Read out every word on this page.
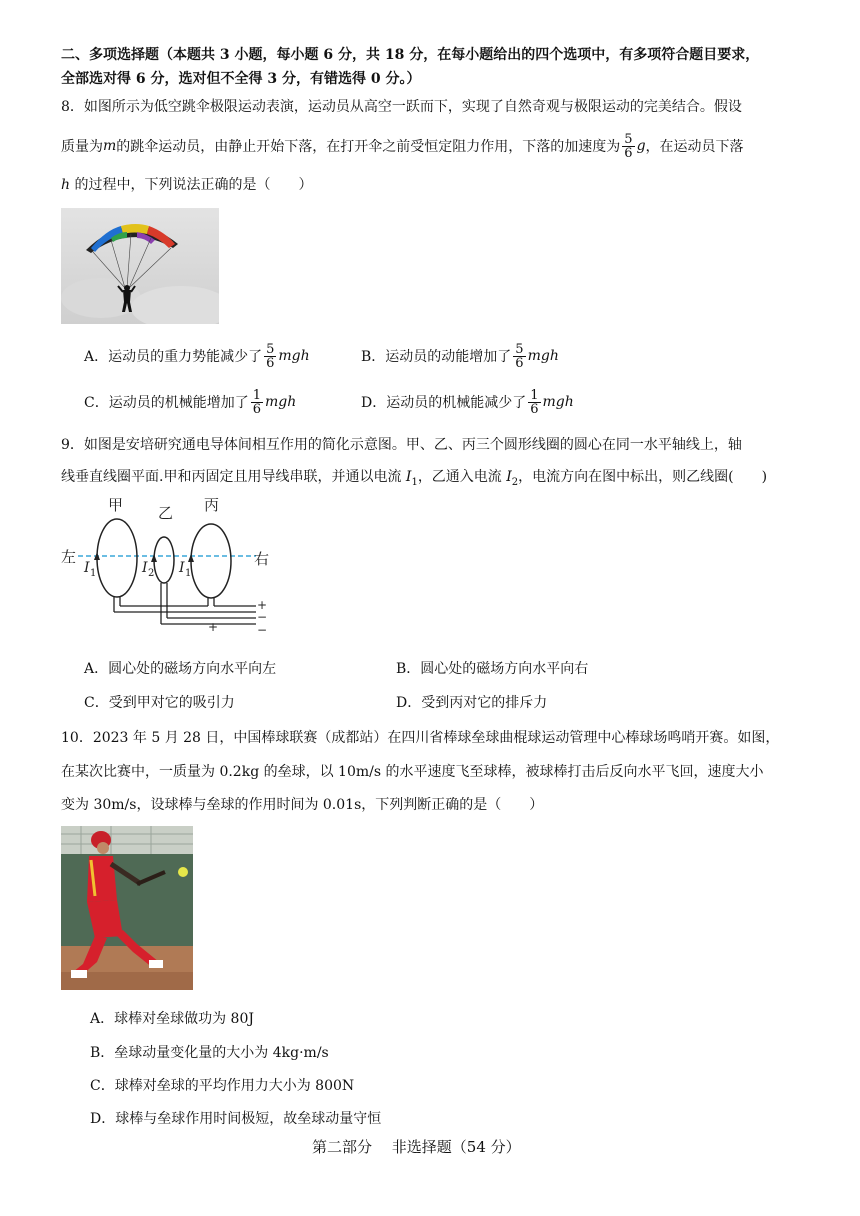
二、多项选择题（本题共 3 小题，每小题 6 分，共 18 分，在每小题给出的四个选项中，有多项符合题目要求，
全部选对得 6 分，选对但不全得 3 分，有错选得 0 分。）
8．如图所示为低空跳伞极限运动表演，运动员从高空一跃而下，实现了自然奇观与极限运动的完美结合。假设
质量为 m 的跳伞运动员，由静止开始下落，在打开伞之前受恒定阻力作用，下落的加速度为 $\frac{5}{6}$ g ，在运动员下落
h 的过程中，下列说法正确的是（　　）
A．运动员的重力势能减少了 $\frac{5}{6}$ mgh	B．运动员的动能增加了 $\frac{5}{6}$ mgh
C．运动员的机械能增加了 $\frac{1}{6}$ mgh	D．运动员的机械能减少了 $\frac{1}{6}$ mgh
9．如图是安培研究通电导体间相互作用的简化示意图。甲、乙、丙三个圆形线圈的圆心在同一水平轴线上，轴
线垂直线圈平面.甲和丙固定且用导线串联，并通以电流 $I_1$，乙通入电流 $I_2$，电流方向在图中标出，则乙线圈(　　)
甲 乙 丙
左	右
I 1	I 2 I 1
+
−
+	−
A．圆心处的磁场方向水平向左	B．圆心处的磁场方向水平向右
C．受到甲对它的吸引力	D．受到丙对它的排斥力
10．2023 年 5 月 28 日，中国棒球联赛（成都站）在四川省棒球垒球曲棍球运动管理中心棒球场鸣哨开赛。如图，
在某次比赛中，一质量为 0.2kg 的垒球，以 10m/s 的水平速度飞至球棒，被球棒打击后反向水平飞回，速度大小
变为 30m/s，设球棒与垒球的作用时间为 0.01s，下列判断正确的是（　　）
A．球棒对垒球做功为 80J
B．垒球动量变化量的大小为 4kg·m/s
C．球棒对垒球的平均作用力大小为 800N
D．球棒与垒球作用时间极短，故垒球动量守恒
第二部分　 非选择题（54 分）
